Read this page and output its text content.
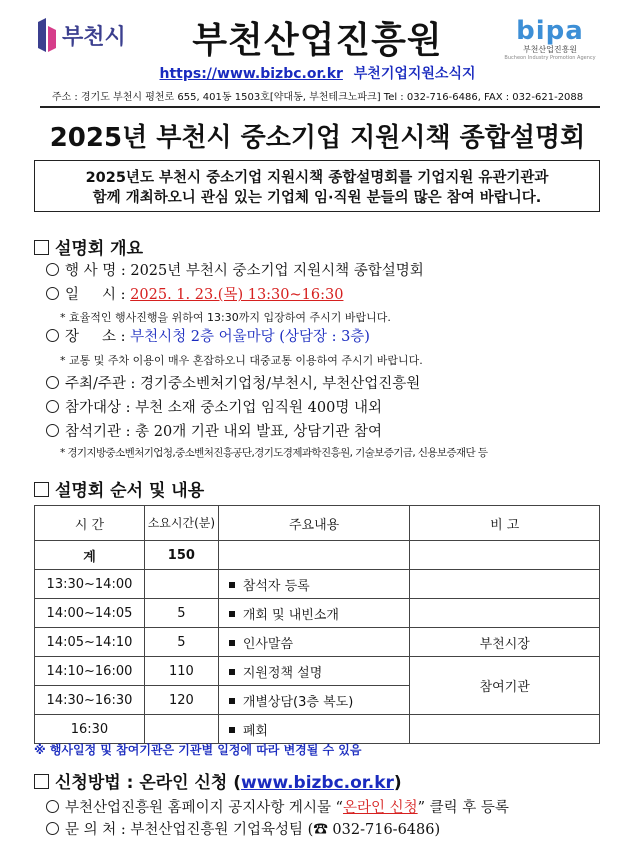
부천시	부천산업진흥원	bipa
부천산업진흥원
Bucheon Industry Promotion Agency
https://www.bizbc.or.kr 부천기업지원소식지
주소 : 경기도 부천시 평천로 655, 401동 1503호[약대동, 부천테크노파크] Tel : 032-716-6486, FAX : 032-621-2088
2025년 부천시 중소기업 지원시책 종합설명회
2025년도 부천시 중소기업 지원시책 종합설명회를 기업지원 유관기관과
함께 개최하오니 관심 있는 기업체 임·직원 분들의 많은 참여 바랍니다.
설명회 개요
행 사 명 : 2025년 부천시 중소기업 지원시책 종합설명회
일     시 : 2025. 1. 23.(목) 13:30~16:30
* 효율적인 행사진행을 위하여 13:30까지 입장하여 주시기 바랍니다.
장     소 : 부천시청 2층 어울마당 (상담장 : 3층)
* 교통 및 주차 이용이 매우 혼잡하오니 대중교통 이용하여 주시기 바랍니다.
주최/주관 : 경기중소벤처기업청/부천시, 부천산업진흥원
참가대상 : 부천 소재 중소기업 임직원 400명 내외
참석기관 : 총 20개 기관 내외 발표, 상담기관 참여
* 경기지방중소벤처기업청,중소벤처진흥공단,경기도경제과학진흥원, 기술보증기금, 신용보증재단 등
설명회 순서 및 내용
시 간	소요시간(분)	주요내용	비 고
계	150		
13:30~14:00		참석자 등록	
14:00~14:05	5	개회 및 내빈소개	
14:05~14:10	5	인사말씀	부천시장
14:10~16:00	110	지원정책 설명	참여기관
14:30~16:30	120	개별상담(3층 복도)	
16:30		폐회	
※ 행사일정 및 참여기관은 기관별 일정에 따라 변경될 수 있음
신청방법 : 온라인 신청 (www.bizbc.or.kr)
부천산업진흥원 홈페이지 공지사항 게시물 “온라인 신청” 클릭 후 등록
문 의 처 : 부천산업진흥원 기업육성팀 (☎ 032-716-6486)
